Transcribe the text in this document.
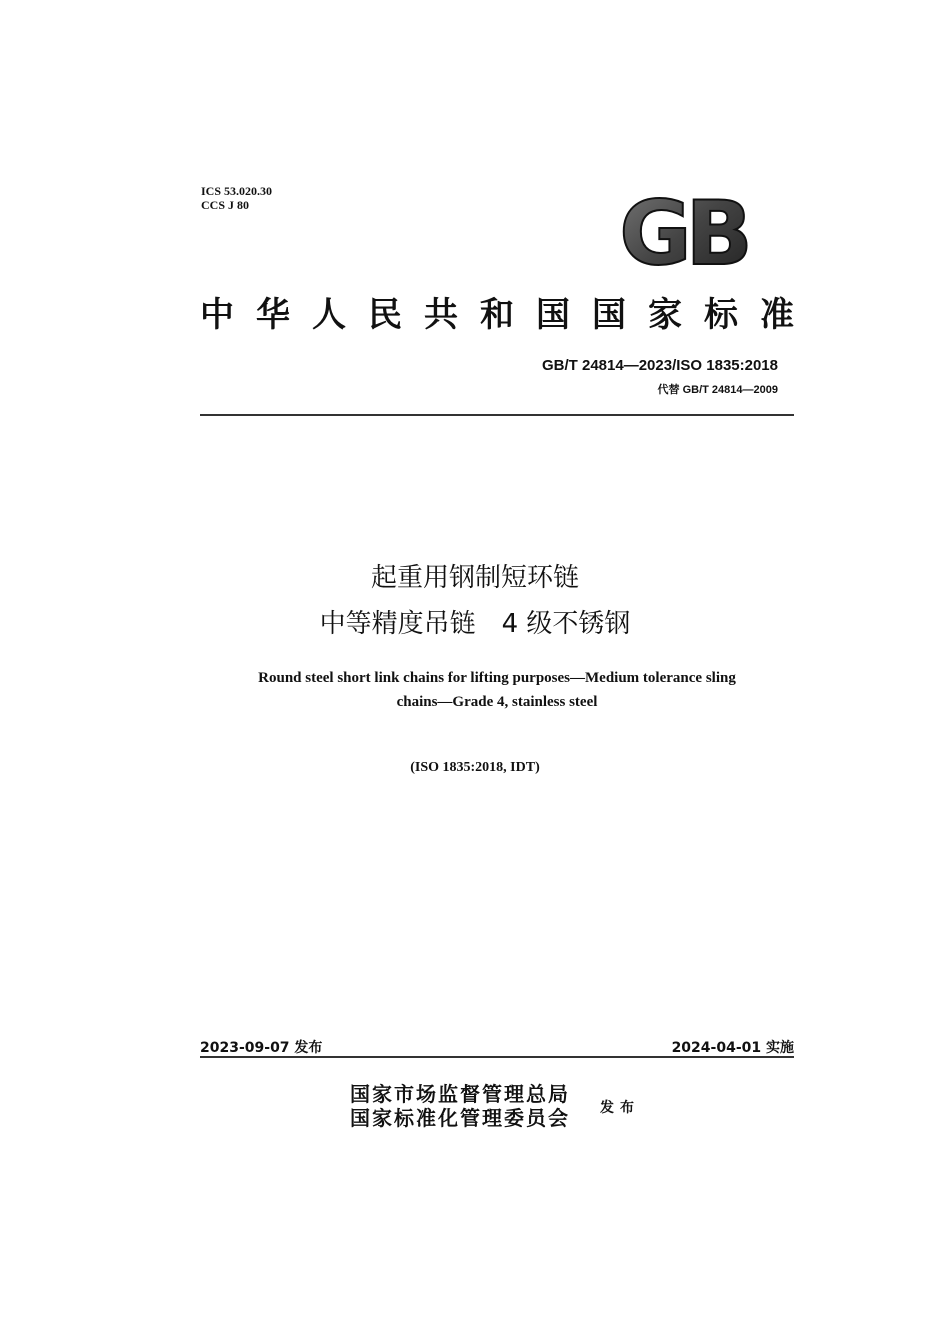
ICS 53.020.30
CCS J 80	GB
中华人民共和国国家标准
GB/T 24814—2023/ISO 1835:2018
代替 GB/T 24814—2009
起重用钢制短环链
中等精度吊链　4 级不锈钢
Round steel short link chains for lifting purposes—Medium tolerance sling
chains—Grade 4, stainless steel
(ISO 1835:2018, IDT)
2023-09-07 发布	2024-04-01 实施
国家市场监督管理总局
国家标准化管理委员会 发布
